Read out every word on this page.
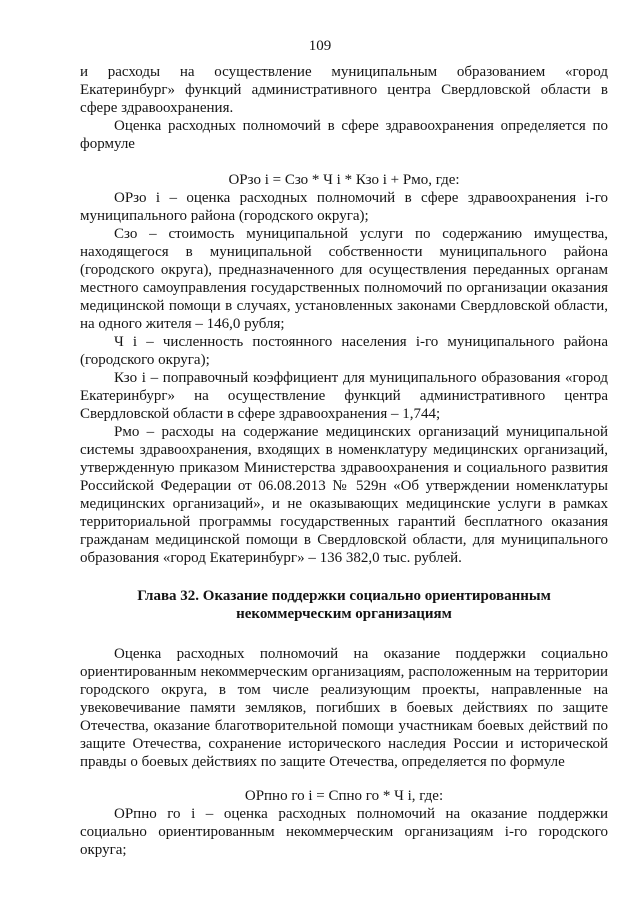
109

и расходы на осуществление муниципальным образованием «город Екатеринбург» функций административного центра Свердловской области в сфере здравоохранения.

Оценка расходных полномочий в сфере здравоохранения определяется по формуле

ОРзо i = Сзо * Ч i * Кзо i + Рмо, где:

ОРзо i – оценка расходных полномочий в сфере здравоохранения i-го муниципального района (городского округа);

Сзо – стоимость муниципальной услуги по содержанию имущества, находящегося в муниципальной собственности муниципального района (городского округа), предназначенного для осуществления переданных органам местного самоуправления государственных полномочий по организации оказания медицинской помощи в случаях, установленных законами Свердловской области, на одного жителя – 146,0 рубля;

Ч i – численность постоянного населения i-го муниципального района (городского округа);

Кзо i – поправочный коэффициент для муниципального образования «город Екатеринбург» на осуществление функций административного центра Свердловской области в сфере здравоохранения – 1,744;

Рмо – расходы на содержание медицинских организаций муниципальной системы здравоохранения, входящих в номенклатуру медицинских организаций, утвержденную приказом Министерства здравоохранения и социального развития Российской Федерации от 06.08.2013 № 529н «Об утверждении номенклатуры медицинских организаций», и не оказывающих медицинские услуги в рамках территориальной программы государственных гарантий бесплатного оказания гражданам медицинской помощи в Свердловской области, для муниципального образования «город Екатеринбург» – 136 382,0 тыс. рублей.

Глава 32. Оказание поддержки социально ориентированным

некоммерческим организациям

Оценка расходных полномочий на оказание поддержки социально ориентированным некоммерческим организациям, расположенным на территории городского округа, в том числе реализующим проекты, направленные на увековечивание памяти земляков, погибших в боевых действиях по защите Отечества, оказание благотворительной помощи участникам боевых действий по защите Отечества, сохранение исторического наследия России и исторической правды о боевых действиях по защите Отечества, определяется по формуле

ОРпно го i = Спно го * Ч i, где:

ОРпно го i – оценка расходных полномочий на оказание поддержки социально ориентированным некоммерческим организациям i-го городского округа;
